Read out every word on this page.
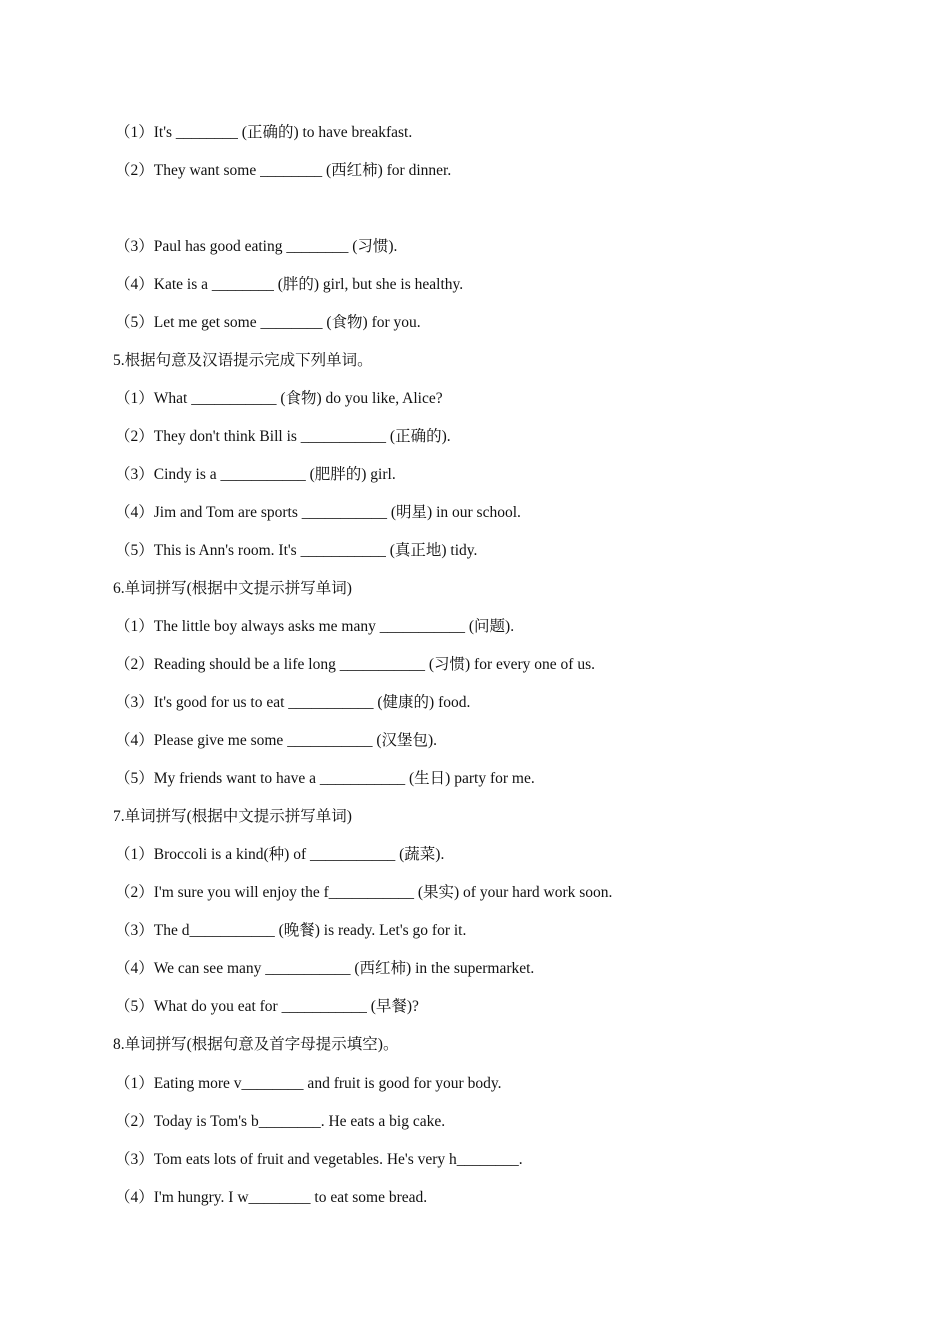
（1）It's ________ (正确的) to have breakfast.
（2）They want some ________ (西红柿) for dinner.
（3）Paul has good eating ________ (习惯).
（4）Kate is a ________ (胖的) girl, but she is healthy.
（5）Let me get some ________ (食物) for you.
5.根据句意及汉语提示完成下列单词。
（1）What ___________ (食物) do you like, Alice?
（2）They don't think Bill is ___________ (正确的).
（3）Cindy is a ___________ (肥胖的) girl.
（4）Jim and Tom are sports ___________ (明星) in our school.
（5）This is Ann's room. It's ___________ (真正地) tidy.
6.单词拼写(根据中文提示拼写单词)
（1）The little boy always asks me many ___________ (问题).
（2）Reading should be a life long ___________ (习惯) for every one of us.
（3）It's good for us to eat ___________ (健康的) food.
（4）Please give me some ___________ (汉堡包).
（5）My friends want to have a ___________ (生日) party for me.
7.单词拼写(根据中文提示拼写单词)
（1）Broccoli is a kind(种) of ___________ (蔬菜).
（2）I'm sure you will enjoy the f___________ (果实) of your hard work soon.
（3）The d___________ (晚餐) is ready. Let's go for it.
（4）We can see many ___________ (西红柿) in the supermarket.
（5）What do you eat for ___________ (早餐)?
8.单词拼写(根据句意及首字母提示填空)。
（1）Eating more v________ and fruit is good for your body.
（2）Today is Tom's b________. He eats a big cake.
（3）Tom eats lots of fruit and vegetables. He's very h________.
（4）I'm hungry. I w________ to eat some bread.
